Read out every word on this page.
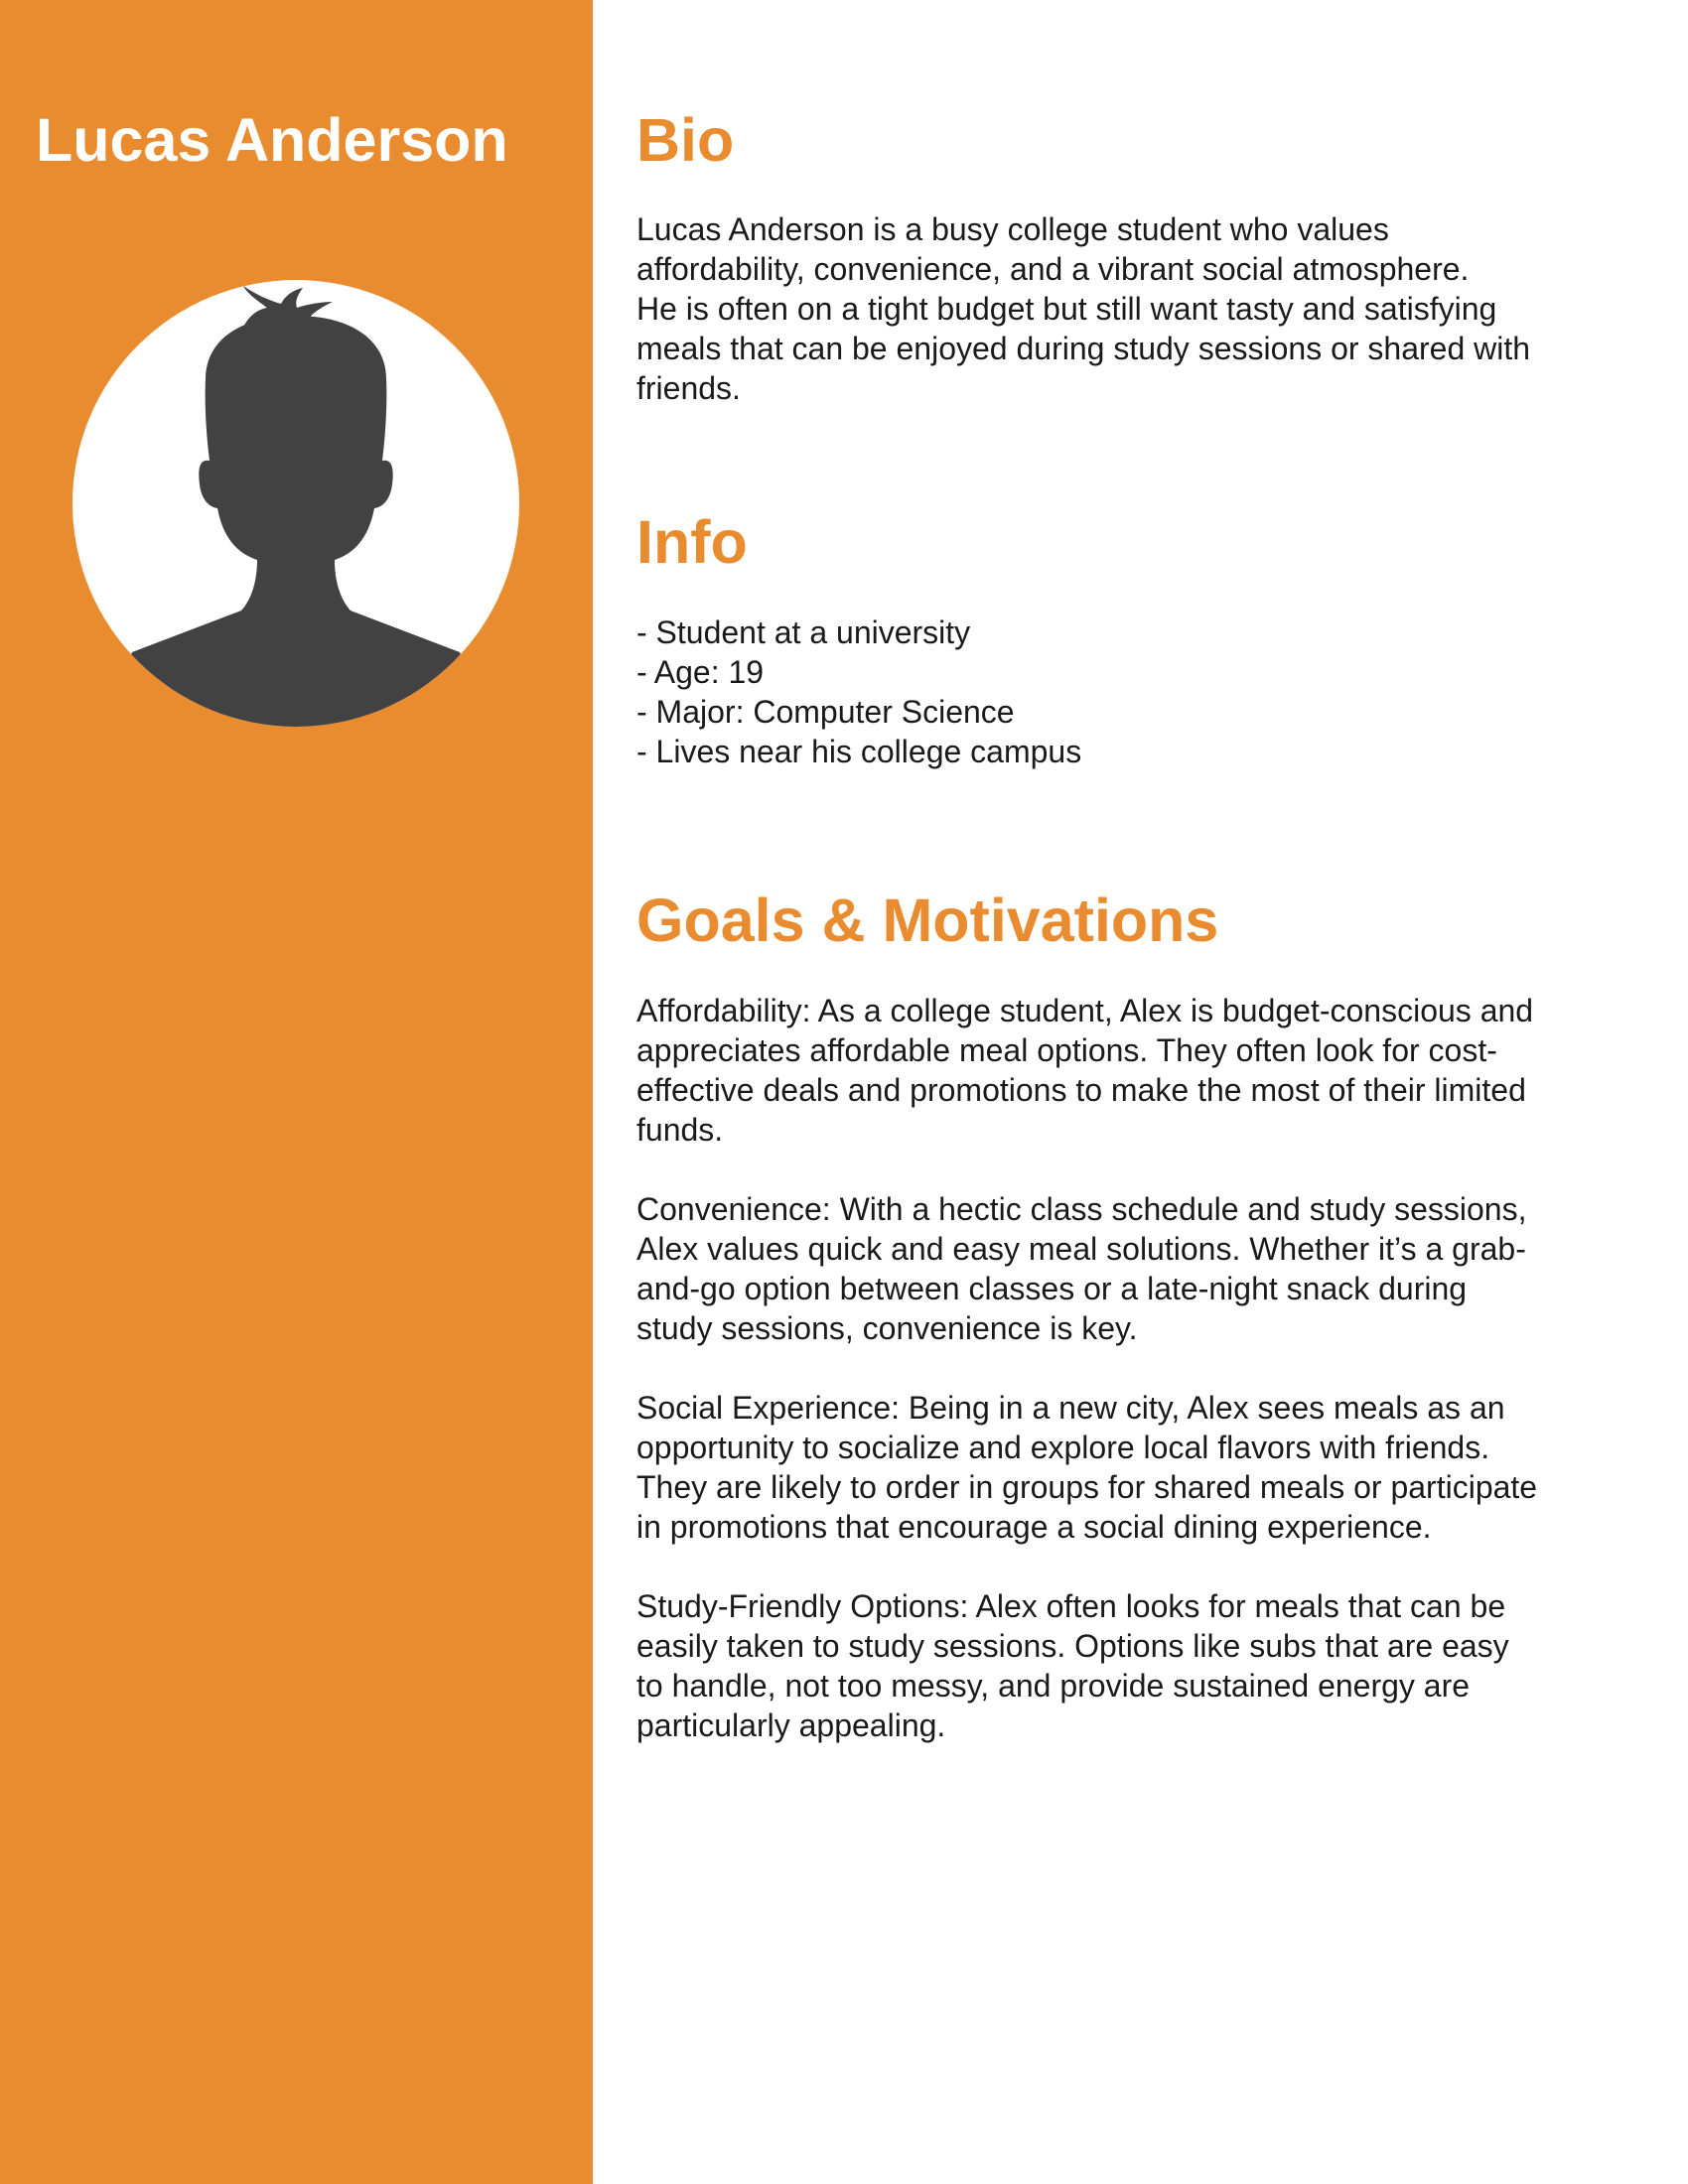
Lucas Anderson Bio

Lucas Anderson is a busy college student who values
affordability, convenience, and a vibrant social atmosphere.
He is often on a tight budget but still want tasty and satisfying
meals that can be enjoyed during study sessions or shared with
friends.

Info
- Student at a university
- Age: 19
- Major: Computer Science
- Lives near his college campus
Goals & Motivations

Affordability: As a college student, Alex is budget-conscious and
appreciates affordable meal options. They often look for cost-
effective deals and promotions to make the most of their limited
funds.

Convenience: With a hectic class schedule and study sessions,
Alex values quick and easy meal solutions. Whether it’s a grab-
and-go option between classes or a late-night snack during
study sessions, convenience is key.

Social Experience: Being in a new city, Alex sees meals as an
opportunity to socialize and explore local flavors with friends.
They are likely to order in groups for shared meals or participate
in promotions that encourage a social dining experience.

Study-Friendly Options: Alex often looks for meals that can be
easily taken to study sessions. Options like subs that are easy
to handle, not too messy, and provide sustained energy are
particularly appealing.
